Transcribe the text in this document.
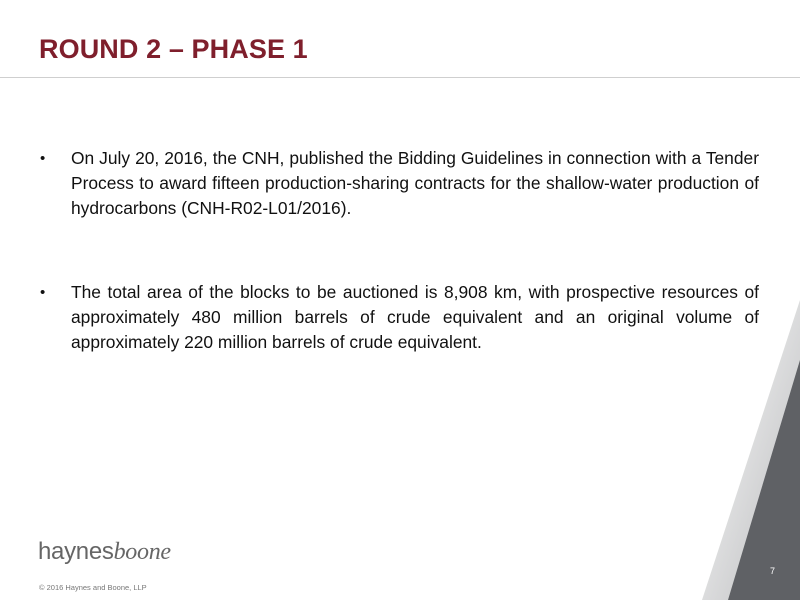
ROUND 2 – PHASE 1
• On July 20, 2016, the CNH, published the Bidding Guidelines in connection with a Tender Process to award fifteen production-sharing contracts for the shallow-water production of hydrocarbons (CNH-R02-L01/2016).
• The total area of the blocks to be auctioned is 8,908 km, with prospective resources of approximately 480 million barrels of crude equivalent and an original volume of approximately 220 million barrels of crude equivalent.
haynesboone
© 2016 Haynes and Boone, LLP
7
